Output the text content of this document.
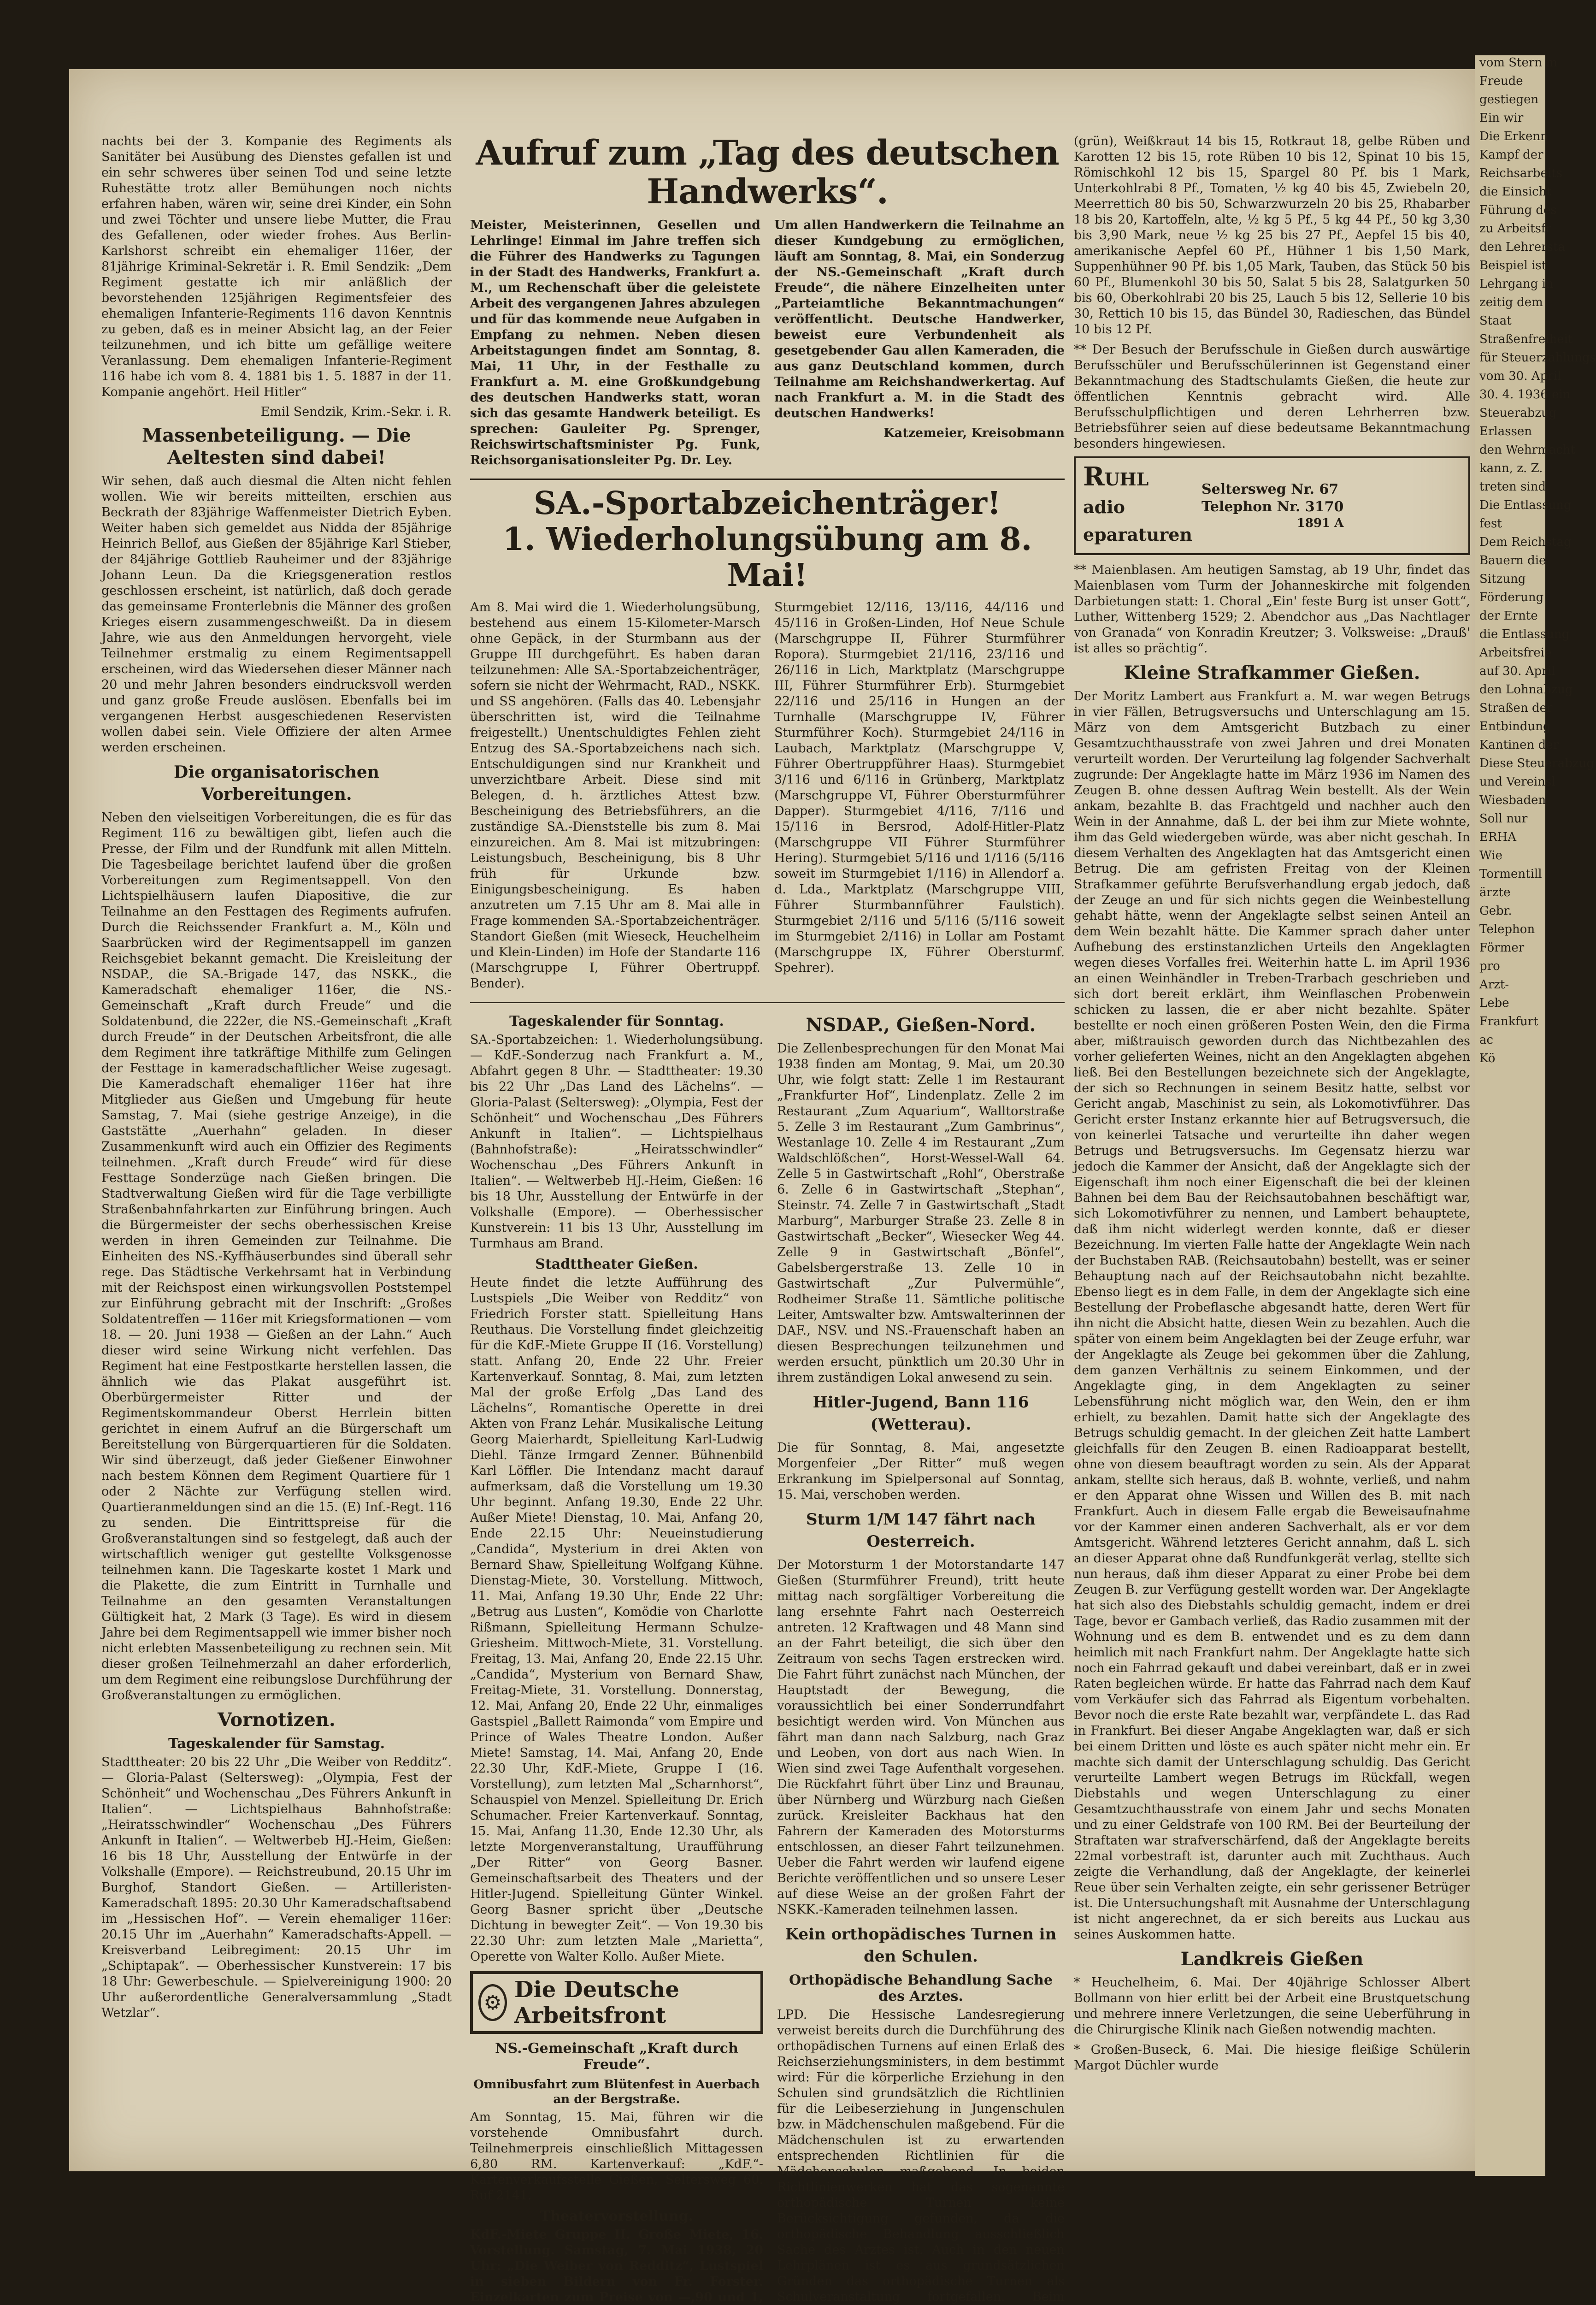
nachts bei der 3. Kompanie des Regiments als Sanitäter bei Ausübung des Dienstes gefallen ist und ein sehr schweres über seinen Tod und seine letzte Ruhestätte trotz aller Bemühungen noch nichts erfahren haben, wären wir, seine drei Kinder, ein Sohn und zwei Töchter und unsere liebe Mutter, die Frau des Gefallenen, oder wieder frohes. Aus Berlin-Karlshorst schreibt ein ehemaliger 116er, der 81jährige Kriminal-Sekretär i. R. Emil Sendzik: „Dem Regiment gestatte ich mir anläßlich der bevorstehenden 125jährigen Regimentsfeier des ehemaligen Infanterie-Regiments 116 davon Kenntnis zu geben, daß es in meiner Absicht lag, an der Feier teilzunehmen, und ich bitte um gefällige weitere Veranlassung. Dem ehemaligen Infanterie-Regiment 116 habe ich vom 8. 4. 1881 bis 1. 5. 1887 in der 11. Kompanie angehört. Heil Hitler“

Emil Sendzik, Krim.-Sekr. i. R.

Massenbeteiligung. — Die Aeltesten sind dabei!

Wir sehen, daß auch diesmal die Alten nicht fehlen wollen. Wie wir bereits mitteilten, erschien aus Beckrath der 83jährige Waffenmeister Dietrich Eyben. Weiter haben sich gemeldet aus Nidda der 85jährige Heinrich Bellof, aus Gießen der 85jährige Karl Stieber, der 84jährige Gottlieb Rauheimer und der 83jährige Johann Leun. Da die Kriegsgeneration restlos geschlossen erscheint, ist natürlich, daß doch gerade das gemeinsame Fronterlebnis die Männer des großen Krieges eisern zusammengeschweißt. Da in diesem Jahre, wie aus den Anmeldungen hervorgeht, viele Teilnehmer erstmalig zu einem Regimentsappell erscheinen, wird das Wiedersehen dieser Männer nach 20 und mehr Jahren besonders eindrucksvoll werden und ganz große Freude auslösen. Ebenfalls bei im vergangenen Herbst ausgeschiedenen Reservisten wollen dabei sein. Viele Offiziere der alten Armee werden erscheinen.

Die organisatorischen Vorbereitungen.

Neben den vielseitigen Vorbereitungen, die es für das Regiment 116 zu bewältigen gibt, liefen auch die Presse, der Film und der Rundfunk mit allen Mitteln. Die Tagesbeilage berichtet laufend über die großen Vorbereitungen zum Regimentsappell. Von den Lichtspielhäusern laufen Diapositive, die zur Teilnahme an den Festtagen des Regiments aufrufen. Durch die Reichssender Frankfurt a. M., Köln und Saarbrücken wird der Regimentsappell im ganzen Reichsgebiet bekannt gemacht. Die Kreisleitung der NSDAP., die SA.-Brigade 147, das NSKK., die Kameradschaft ehemaliger 116er, die NS.-Gemeinschaft „Kraft durch Freude“ und die Soldatenbund, die 222er, die NS.-Gemeinschaft „Kraft durch Freude“ in der Deutschen Arbeitsfront, die alle dem Regiment ihre tatkräftige Mithilfe zum Gelingen der Festtage in kameradschaftlicher Weise zugesagt. Die Kameradschaft ehemaliger 116er hat ihre Mitglieder aus Gießen und Umgebung für heute Samstag, 7. Mai (siehe gestrige Anzeige), in die Gaststätte „Auerhahn“ geladen. In dieser Zusammenkunft wird auch ein Offizier des Regiments teilnehmen. „Kraft durch Freude“ wird für diese Festtage Sonderzüge nach Gießen bringen. Die Stadtverwaltung Gießen wird für die Tage verbilligte Straßenbahnfahrkarten zur Einführung bringen. Auch die Bürgermeister der sechs oberhessischen Kreise werden in ihren Gemeinden zur Teilnahme. Die Einheiten des NS.-Kyffhäuserbundes sind überall sehr rege. Das Städtische Verkehrsamt hat in Verbindung mit der Reichspost einen wirkungsvollen Poststempel zur Einführung gebracht mit der Inschrift: „Großes Soldatentreffen — 116er mit Kriegsformationen — vom 18. — 20. Juni 1938 — Gießen an der Lahn.“ Auch dieser wird seine Wirkung nicht verfehlen. Das Regiment hat eine Festpostkarte herstellen lassen, die ähnlich wie das Plakat ausgeführt ist. Oberbürgermeister Ritter und der Regimentskommandeur Oberst Herrlein bitten gerichtet in einem Aufruf an die Bürgerschaft um Bereitstellung von Bürgerquartieren für die Soldaten. Wir sind überzeugt, daß jeder Gießener Einwohner nach bestem Können dem Regiment Quartiere für 1 oder 2 Nächte zur Verfügung stellen wird. Quartieranmeldungen sind an die 15. (E) Inf.-Regt. 116 zu senden. Die Eintrittspreise für die Großveranstaltungen sind so festgelegt, daß auch der wirtschaftlich weniger gut gestellte Volksgenosse teilnehmen kann. Die Tageskarte kostet 1 Mark und die Plakette, die zum Eintritt in Turnhalle und Teilnahme an den gesamten Veranstaltungen Gültigkeit hat, 2 Mark (3 Tage). Es wird in diesem Jahre bei dem Regimentsappell wie immer bisher noch nicht erlebten Massenbeteiligung zu rechnen sein. Mit dieser großen Teilnehmerzahl an daher erforderlich, um dem Regiment eine reibungslose Durchführung der Großveranstaltungen zu ermöglichen.

Vornotizen.
Tageskalender für Samstag.

Stadttheater: 20 bis 22 Uhr „Die Weiber von Redditz“. — Gloria-Palast (Seltersweg): „Olympia, Fest der Schönheit“ und Wochenschau „Des Führers Ankunft in Italien“. — Lichtspielhaus Bahnhofstraße: „Heiratsschwindler“ Wochenschau „Des Führers Ankunft in Italien“. — Weltwerbeb HJ.-Heim, Gießen: 16 bis 18 Uhr, Ausstellung der Entwürfe in der Volkshalle (Empore). — Reichstreubund, 20.15 Uhr im Burghof, Standort Gießen. — Artilleristen-Kameradschaft 1895: 20.30 Uhr Kameradschaftsabend im „Hessischen Hof“. — Verein ehemaliger 116er: 20.15 Uhr im „Auerhahn“ Kameradschafts-Appell. — Kreisverband Leibregiment: 20.15 Uhr im „Schiptapak“. — Oberhessischer Kunstverein: 17 bis 18 Uhr: Gewerbeschule. — Spielvereinigung 1900: 20 Uhr außerordentliche Generalversammlung „Stadt Wetzlar“.

Aufruf zum „Tag des deutschen Handwerks“.

Meister, Meisterinnen, Gesellen und Lehrlinge! Einmal im Jahre treffen sich die Führer des Handwerks zu Tagungen in der Stadt des Handwerks, Frankfurt a. M., um Rechenschaft über die geleistete Arbeit des vergangenen Jahres abzulegen und für das kommende neue Aufgaben in Empfang zu nehmen. Neben diesen Arbeitstagungen findet am Sonntag, 8. Mai, 11 Uhr, in der Festhalle zu Frankfurt a. M. eine Großkundgebung des deutschen Handwerks statt, woran sich das gesamte Handwerk beteiligt. Es sprechen: Gauleiter Pg. Sprenger, Reichswirtschaftsminister Pg. Funk, Reichsorganisationsleiter Pg. Dr. Ley.

Um allen Handwerkern die Teilnahme an dieser Kundgebung zu ermöglichen, läuft am Sonntag, 8. Mai, ein Sonderzug der NS.-Gemeinschaft „Kraft durch Freude“, die nähere Einzelheiten unter „Parteiamtliche Bekanntmachungen“ veröffentlicht. Deutsche Handwerker, beweist eure Verbundenheit als gesetgebender Gau allen Kameraden, die aus ganz Deutschland kommen, durch Teilnahme am Reichshandwerkertag. Auf nach Frankfurt a. M. in die Stadt des deutschen Handwerks!

Katzemeier, Kreisobmann

SA.-Sportabzeichenträger!
1. Wiederholungsübung am 8. Mai!

Am 8. Mai wird die 1. Wiederholungsübung, bestehend aus einem 15-Kilometer-Marsch ohne Gepäck, in der Sturmbann aus der Gruppe III durchgeführt. Es haben daran teilzunehmen: Alle SA.-Sportabzeichenträger, sofern sie nicht der Wehrmacht, RAD., NSKK. und SS angehören. (Falls das 40. Lebensjahr überschritten ist, wird die Teilnahme freigestellt.) Unentschuldigtes Fehlen zieht Entzug des SA.-Sportabzeichens nach sich. Entschuldigungen sind nur Krankheit und unverzichtbare Arbeit. Diese sind mit Belegen, d. h. ärztliches Attest bzw. Bescheinigung des Betriebsführers, an die zuständige SA.-Dienststelle bis zum 8. Mai einzureichen. Am 8. Mai ist mitzubringen: Leistungsbuch, Bescheinigung, bis 8 Uhr früh für Urkunde bzw. Einigungsbescheinigung. Es haben anzutreten um 7.15 Uhr am 8. Mai alle in Frage kommenden SA.-Sportabzeichenträger. Standort Gießen (mit Wieseck, Heuchelheim und Klein-Linden) im Hofe der Standarte 116 (Marschgruppe I, Führer Obertruppf. Bender).

Sturmgebiet 12/116, 13/116, 44/116 und 45/116 in Großen-Linden, Hof Neue Schule (Marschgruppe II, Führer Sturmführer Ropora). Sturmgebiet 21/116, 23/116 und 26/116 in Lich, Marktplatz (Marschgruppe III, Führer Sturmführer Erb). Sturmgebiet 22/116 und 25/116 in Hungen an der Turnhalle (Marschgruppe IV, Führer Sturmführer Koch). Sturmgebiet 24/116 in Laubach, Marktplatz (Marschgruppe V, Führer Obertruppführer Haas). Sturmgebiet 3/116 und 6/116 in Grünberg, Marktplatz (Marschgruppe VI, Führer Obersturmführer Dapper). Sturmgebiet 4/116, 7/116 und 15/116 in Bersrod, Adolf-Hitler-Platz (Marschgruppe VII Führer Sturmführer Hering). Sturmgebiet 5/116 und 1/116 (5/116 soweit im Sturmgebiet 1/116) in Allendorf a. d. Lda., Marktplatz (Marschgruppe VIII, Führer Sturmbannführer Faulstich). Sturmgebiet 2/116 und 5/116 (5/116 soweit im Sturmgebiet 2/116) in Lollar am Postamt (Marschgruppe IX, Führer Obersturmf. Spehrer).

Tageskalender für Sonntag.

SA.-Sportabzeichen: 1. Wiederholungsübung. — KdF.-Sonderzug nach Frankfurt a. M., Abfahrt gegen 8 Uhr. — Stadttheater: 19.30 bis 22 Uhr „Das Land des Lächelns“. — Gloria-Palast (Seltersweg): „Olympia, Fest der Schönheit“ und Wochenschau „Des Führers Ankunft in Italien“. — Lichtspielhaus (Bahnhofstraße): „Heiratsschwindler“ Wochenschau „Des Führers Ankunft in Italien“. — Weltwerbeb HJ.-Heim, Gießen: 16 bis 18 Uhr, Ausstellung der Entwürfe in der Volkshalle (Empore). — Oberhessischer Kunstverein: 11 bis 13 Uhr, Ausstellung im Turmhaus am Brand.

Stadttheater Gießen.

Heute findet die letzte Aufführung des Lustspiels „Die Weiber von Redditz“ von Friedrich Forster statt. Spielleitung Hans Reuthaus. Die Vorstellung findet gleichzeitig für die KdF.-Miete Gruppe II (16. Vorstellung) statt. Anfang 20, Ende 22 Uhr. Freier Kartenverkauf. Sonntag, 8. Mai, zum letzten Mal der große Erfolg „Das Land des Lächelns“, Romantische Operette in drei Akten von Franz Lehár. Musikalische Leitung Georg Maierhardt, Spielleitung Karl-Ludwig Diehl. Tänze Irmgard Zenner. Bühnenbild Karl Löffler. Die Intendanz macht darauf aufmerksam, daß die Vorstellung um 19.30 Uhr beginnt. Anfang 19.30, Ende 22 Uhr. Außer Miete! Dienstag, 10. Mai, Anfang 20, Ende 22.15 Uhr: Neueinstudierung „Candida“, Mysterium in drei Akten von Bernard Shaw, Spielleitung Wolfgang Kühne. Dienstag-Miete, 30. Vorstellung. Mittwoch, 11. Mai, Anfang 19.30 Uhr, Ende 22 Uhr: „Betrug aus Lusten“, Komödie von Charlotte Rißmann, Spielleitung Hermann Schulze-Griesheim. Mittwoch-Miete, 31. Vorstellung. Freitag, 13. Mai, Anfang 20, Ende 22.15 Uhr. „Candida“, Mysterium von Bernard Shaw, Freitag-Miete, 31. Vorstellung. Donnerstag, 12. Mai, Anfang 20, Ende 22 Uhr, einmaliges Gastspiel „Ballett Raimonda“ vom Empire und Prince of Wales Theatre London. Außer Miete! Samstag, 14. Mai, Anfang 20, Ende 22.30 Uhr, KdF.-Miete, Gruppe I (16. Vorstellung), zum letzten Mal „Scharnhorst“, Schauspiel von Menzel. Spielleitung Dr. Erich Schumacher. Freier Kartenverkauf. Sonntag, 15. Mai, Anfang 11.30, Ende 12.30 Uhr, als letzte Morgenveranstaltung, Uraufführung „Der Ritter“ von Georg Basner. Gemeinschaftsarbeit des Theaters und der Hitler-Jugend. Spielleitung Günter Winkel. Georg Basner spricht über „Deutsche Dichtung in bewegter Zeit“. — Von 19.30 bis 22.30 Uhr: zum letzten Male „Marietta“, Operette von Walter Kollo. Außer Miete.

⚙ Die Deutsche Arbeitsfront
NS.-Gemeinschaft „Kraft durch Freude“.
Omnibusfahrt zum Blütenfest in Auerbach an der Bergstraße.

Am Sonntag, 15. Mai, führen wir die vorstehende Omnibusfahrt durch. Teilnehmerpreis einschließlich Mittagessen 6,80 RM. Kartenverkauf: „KdF.“-Kartenverkaufsstelle Gießen, Seltersweg 60. Ruf 2141.

Theatervorstellung.

KdF.-Miete Gruppe II. Große Miete, 16. Vorstellung. Samstag, 7. Mai 1938, 20 Uhr: „Die Weiber von Redditz“, Lustspiel in sieben Bildern von Fr. Forster. Einzelkarten zum Preise von —,90 und 1,

NSDAP., Gießen-Nord.

Die Zellenbesprechungen für den Monat Mai 1938 finden am Montag, 9. Mai, um 20.30 Uhr, wie folgt statt: Zelle 1 im Restaurant „Frankfurter Hof“, Lindenplatz. Zelle 2 im Restaurant „Zum Aquarium“, Walltorstraße 5. Zelle 3 im Restaurant „Zum Gambrinus“, Westanlage 10. Zelle 4 im Restaurant „Zum Waldschlößchen“, Horst-Wessel-Wall 64. Zelle 5 in Gastwirtschaft „Rohl“, Oberstraße 6. Zelle 6 in Gastwirtschaft „Stephan“, Steinstr. 74. Zelle 7 in Gastwirtschaft „Stadt Marburg“, Marburger Straße 23. Zelle 8 in Gastwirtschaft „Becker“, Wiesecker Weg 44. Zelle 9 in Gastwirtschaft „Bönfel“, Gabelsbergerstraße 13. Zelle 10 in Gastwirtschaft „Zur Pulvermühle“, Rodheimer Straße 11. Sämtliche politische Leiter, Amtswalter bzw. Amtswalterinnen der DAF., NSV. und NS.-Frauenschaft haben an diesen Besprechungen teilzunehmen und werden ersucht, pünktlich um 20.30 Uhr in ihrem zuständigen Lokal anwesend zu sein.

Hitler-Jugend, Bann 116 (Wetterau).

Die für Sonntag, 8. Mai, angesetzte Morgenfeier „Der Ritter“ muß wegen Erkrankung im Spielpersonal auf Sonntag, 15. Mai, verschoben werden.

Sturm 1/M 147 fährt nach Oesterreich.

Der Motorsturm 1 der Motorstandarte 147 Gießen (Sturmführer Freund), tritt heute mittag nach sorgfältiger Vorbereitung die lang ersehnte Fahrt nach Oesterreich antreten. 12 Kraftwagen und 48 Mann sind an der Fahrt beteiligt, die sich über den Zeitraum von sechs Tagen erstrecken wird. Die Fahrt führt zunächst nach München, der Hauptstadt der Bewegung, die voraussichtlich bei einer Sonderrundfahrt besichtigt werden wird. Von München aus fährt man dann nach Salzburg, nach Graz und Leoben, von dort aus nach Wien. In Wien sind zwei Tage Aufenthalt vorgesehen. Die Rückfahrt führt über Linz und Braunau, über Nürnberg und Würzburg nach Gießen zurück. Kreisleiter Backhaus hat den Fahrern der Kameraden des Motorsturms entschlossen, an dieser Fahrt teilzunehmen. Ueber die Fahrt werden wir laufend eigene Berichte veröffentlichen und so unsere Leser auf diese Weise an der großen Fahrt der NSKK.-Kameraden teilnehmen lassen.

Kein orthopädisches Turnen in den Schulen.
Orthopädische Behandlung Sache des Arztes.

LPD. Die Hessische Landesregierung verweist bereits durch die Durchführung des orthopädischen Turnens auf einen Erlaß des Reichserziehungsministers, in dem bestimmt wird: Für die körperliche Erziehung in den Schulen sind grundsätzlich die Richtlinien für die Leibeserziehung in Jungenschulen bzw. in Mädchenschulen maßgebend. Für die Mädchenschulen ist zu erwartenden entsprechenden Richtlinien für die Mädchenschulen maßgebend. In beiden Richtlinienwerken hat das sogenannte orthopädische Turnen keine Berücksichtigung gefunden, da die orthopädische Behandlung ausschließlich Sache des Arztes ist. Auch in den neuen Lehrplänen ist es aus grundsätzlichen Gründen das orthopädische Turnen als Schulveranstaltung fortgefallen. Beim

(grün), Weißkraut 14 bis 15, Rotkraut 18, gelbe Rüben und Karotten 12 bis 15, rote Rüben 10 bis 12, Spinat 10 bis 15, Römischkohl 12 bis 15, Spargel 80 Pf. bis 1 Mark, Unterkohlrabi 8 Pf., Tomaten, ½ kg 40 bis 45, Zwiebeln 20, Meerrettich 80 bis 50, Schwarzwurzeln 20 bis 25, Rhabarber 18 bis 20, Kartoffeln, alte, ½ kg 5 Pf., 5 kg 44 Pf., 50 kg 3,30 bis 3,90 Mark, neue ½ kg 25 bis 27 Pf., Aepfel 15 bis 40, amerikanische Aepfel 60 Pf., Hühner 1 bis 1,50 Mark, Suppenhühner 90 Pf. bis 1,05 Mark, Tauben, das Stück 50 bis 60 Pf., Blumenkohl 30 bis 50, Salat 5 bis 28, Salatgurken 50 bis 60, Oberkohlrabi 20 bis 25, Lauch 5 bis 12, Sellerie 10 bis 30, Rettich 10 bis 15, das Bündel 30, Radieschen, das Bündel 10 bis 12 Pf.

** Der Besuch der Berufsschule in Gießen durch auswärtige Berufsschüler und Berufsschülerinnen ist Gegenstand einer Bekanntmachung des Stadtschulamts Gießen, die heute zur öffentlichen Kenntnis gebracht wird. Alle Berufsschulpflichtigen und deren Lehrherren bzw. Betriebsführer seien auf diese bedeutsame Bekanntmachung besonders hingewiesen.

RUHL
adio
eparaturen
Seltersweg Nr. 67
Telephon Nr. 3170
1891 A

** Maienblasen. Am heutigen Samstag, ab 19 Uhr, findet das Maienblasen vom Turm der Johanneskirche mit folgenden Darbietungen statt: 1. Choral „Ein' feste Burg ist unser Gott“, Luther, Wittenberg 1529; 2. Abendchor aus „Das Nachtlager von Granada“ von Konradin Kreutzer; 3. Volksweise: „Drauß' ist alles so prächtig“.

Kleine Strafkammer Gießen.

Der Moritz Lambert aus Frankfurt a. M. war wegen Betrugs in vier Fällen, Betrugsversuchs und Unterschlagung am 15. März von dem Amtsgericht Butzbach zu einer Gesamtzuchthausstrafe von zwei Jahren und drei Monaten verurteilt worden. Der Verurteilung lag folgender Sachverhalt zugrunde: Der Angeklagte hatte im März 1936 im Namen des Zeugen B. ohne dessen Auftrag Wein bestellt. Als der Wein ankam, bezahlte B. das Frachtgeld und nachher auch den Wein in der Annahme, daß L. der bei ihm zur Miete wohnte, ihm das Geld wiedergeben würde, was aber nicht geschah. In diesem Verhalten des Angeklagten hat das Amtsgericht einen Betrug. Die am gefristen Freitag von der Kleinen Strafkammer geführte Berufsverhandlung ergab jedoch, daß der Zeuge an und für sich nichts gegen die Weinbestellung gehabt hätte, wenn der Angeklagte selbst seinen Anteil an dem Wein bezahlt hätte. Die Kammer sprach daher unter Aufhebung des erstinstanzlichen Urteils den Angeklagten wegen dieses Vorfalles frei. Weiterhin hatte L. im April 1936 an einen Weinhändler in Treben-Trarbach geschrieben und sich dort bereit erklärt, ihm Weinflaschen Probenwein schicken zu lassen, die er aber nicht bezahlte. Später bestellte er noch einen größeren Posten Wein, den die Firma aber, mißtrauisch geworden durch das Nichtbezahlen des vorher gelieferten Weines, nicht an den Angeklagten abgehen ließ. Bei den Bestellungen bezeichnete sich der Angeklagte, der sich so Rechnungen in seinem Besitz hatte, selbst vor Gericht angab, Maschinist zu sein, als Lokomotivführer. Das Gericht erster Instanz erkannte hier auf Betrugsversuch, die von keinerlei Tatsache und verurteilte ihn daher wegen Betrugs und Betrugsversuchs. Im Gegensatz hierzu war jedoch die Kammer der Ansicht, daß der Angeklagte sich der Eigenschaft ihm noch einer Eigenschaft die bei der kleinen Bahnen bei dem Bau der Reichsautobahnen beschäftigt war, sich Lokomotivführer zu nennen, und Lambert behauptete, daß ihm nicht widerlegt werden konnte, daß er dieser Bezeichnung. Im vierten Falle hatte der Angeklagte Wein nach der Buchstaben RAB. (Reichsautobahn) bestellt, was er seiner Behauptung nach auf der Reichsautobahn nicht bezahlte. Ebenso liegt es in dem Falle, in dem der Angeklagte sich eine Bestellung der Probeflasche abgesandt hatte, deren Wert für ihn nicht die Absicht hatte, diesen Wein zu bezahlen. Auch die später von einem beim Angeklagten bei der Zeuge erfuhr, war der Angeklagte als Zeuge bei gekommen über die Zahlung, dem ganzen Verhältnis zu seinem Einkommen, und der Angeklagte ging, in dem Angeklagten zu seiner Lebensführung nicht möglich war, den Wein, den er ihm erhielt, zu bezahlen. Damit hatte sich der Angeklagte des Betrugs schuldig gemacht. In der gleichen Zeit hatte Lambert gleichfalls für den Zeugen B. einen Radioapparat bestellt, ohne von diesem beauftragt worden zu sein. Als der Apparat ankam, stellte sich heraus, daß B. wohnte, verließ, und nahm er den Apparat ohne Wissen und Willen des B. mit nach Frankfurt. Auch in diesem Falle ergab die Beweisaufnahme vor der Kammer einen anderen Sachverhalt, als er vor dem Amtsgericht. Während letzteres Gericht annahm, daß L. sich an dieser Apparat ohne daß Rundfunkgerät verlag, stellte sich nun heraus, daß ihm dieser Apparat zu einer Probe bei dem Zeugen B. zur Verfügung gestellt worden war. Der Angeklagte hat sich also des Diebstahls schuldig gemacht, indem er drei Tage, bevor er Gambach verließ, das Radio zusammen mit der Wohnung und es dem B. entwendet und es zu dem dann heimlich mit nach Frankfurt nahm. Der Angeklagte hatte sich noch ein Fahrrad gekauft und dabei vereinbart, daß er in zwei Raten begleichen würde. Er hatte das Fahrrad nach dem Kauf vom Verkäufer sich das Fahrrad als Eigentum vorbehalten. Bevor noch die erste Rate bezahlt war, verpfändete L. das Rad in Frankfurt. Bei dieser Angabe Angeklagten war, daß er sich bei einem Dritten und löste es auch später nicht mehr ein. Er machte sich damit der Unterschlagung schuldig. Das Gericht verurteilte Lambert wegen Betrugs im Rückfall, wegen Diebstahls und wegen Unterschlagung zu einer Gesamtzuchthausstrafe von einem Jahr und sechs Monaten und zu einer Geldstrafe von 100 RM. Bei der Beurteilung der Straftaten war strafverschärfend, daß der Angeklagte bereits 22mal vorbestraft ist, darunter auch mit Zuchthaus. Auch zeigte die Verhandlung, daß der Angeklagte, der keinerlei Reue über sein Verhalten zeigte, ein sehr gerissener Betrüger ist. Die Untersuchungshaft mit Ausnahme der Unterschlagung ist nicht angerechnet, da er sich bereits aus Luckau aus seines Auskommen hatte.

Landkreis Gießen

* Heuchelheim, 6. Mai. Der 40jährige Schlosser Albert Bollmann von hier erlitt bei der Arbeit eine Brustquetschung und mehrere innere Verletzungen, die seine Ueberführung in die Chirurgische Klinik nach Gießen notwendig machten.

* Großen-Buseck, 6. Mai. Die hiesige fleißige Schülerin Margot Düchler wurde

vom Stern m

Freude

gestiegen

Ein wir

Die Erkenn

Kampf der

Reichsarbeits

die Einsicht

Führung des

zu Arbeitsfr

den Lehrersta

Beispiel ist

Lehrgang in

zeitig dem

Staat

Straßenfreiheit

für Steuerzahlungs

vom 30. April

30. 4. 1936 ein

Steuerabzug

Erlassen

den Wehrmacht

kann, z. Z.

treten sind.

Die Entlassung

fest

Dem Reichstag

Bauern die

Sitzung

Förderung

der Ernte

die Entlassung

Arbeitsfreie

auf 30. April

den Lohnabzug

Straßen der

Entbindung

Kantinen der

Diese Steuerabzug

und Vereinsl

Wiesbaden

Soll nur

ERHA

Wie

Tormentill

ärzte

Gebr.

Telephon

Förmer

pro

Arzt-

Lebe

Frankfurt

ac

Kö
